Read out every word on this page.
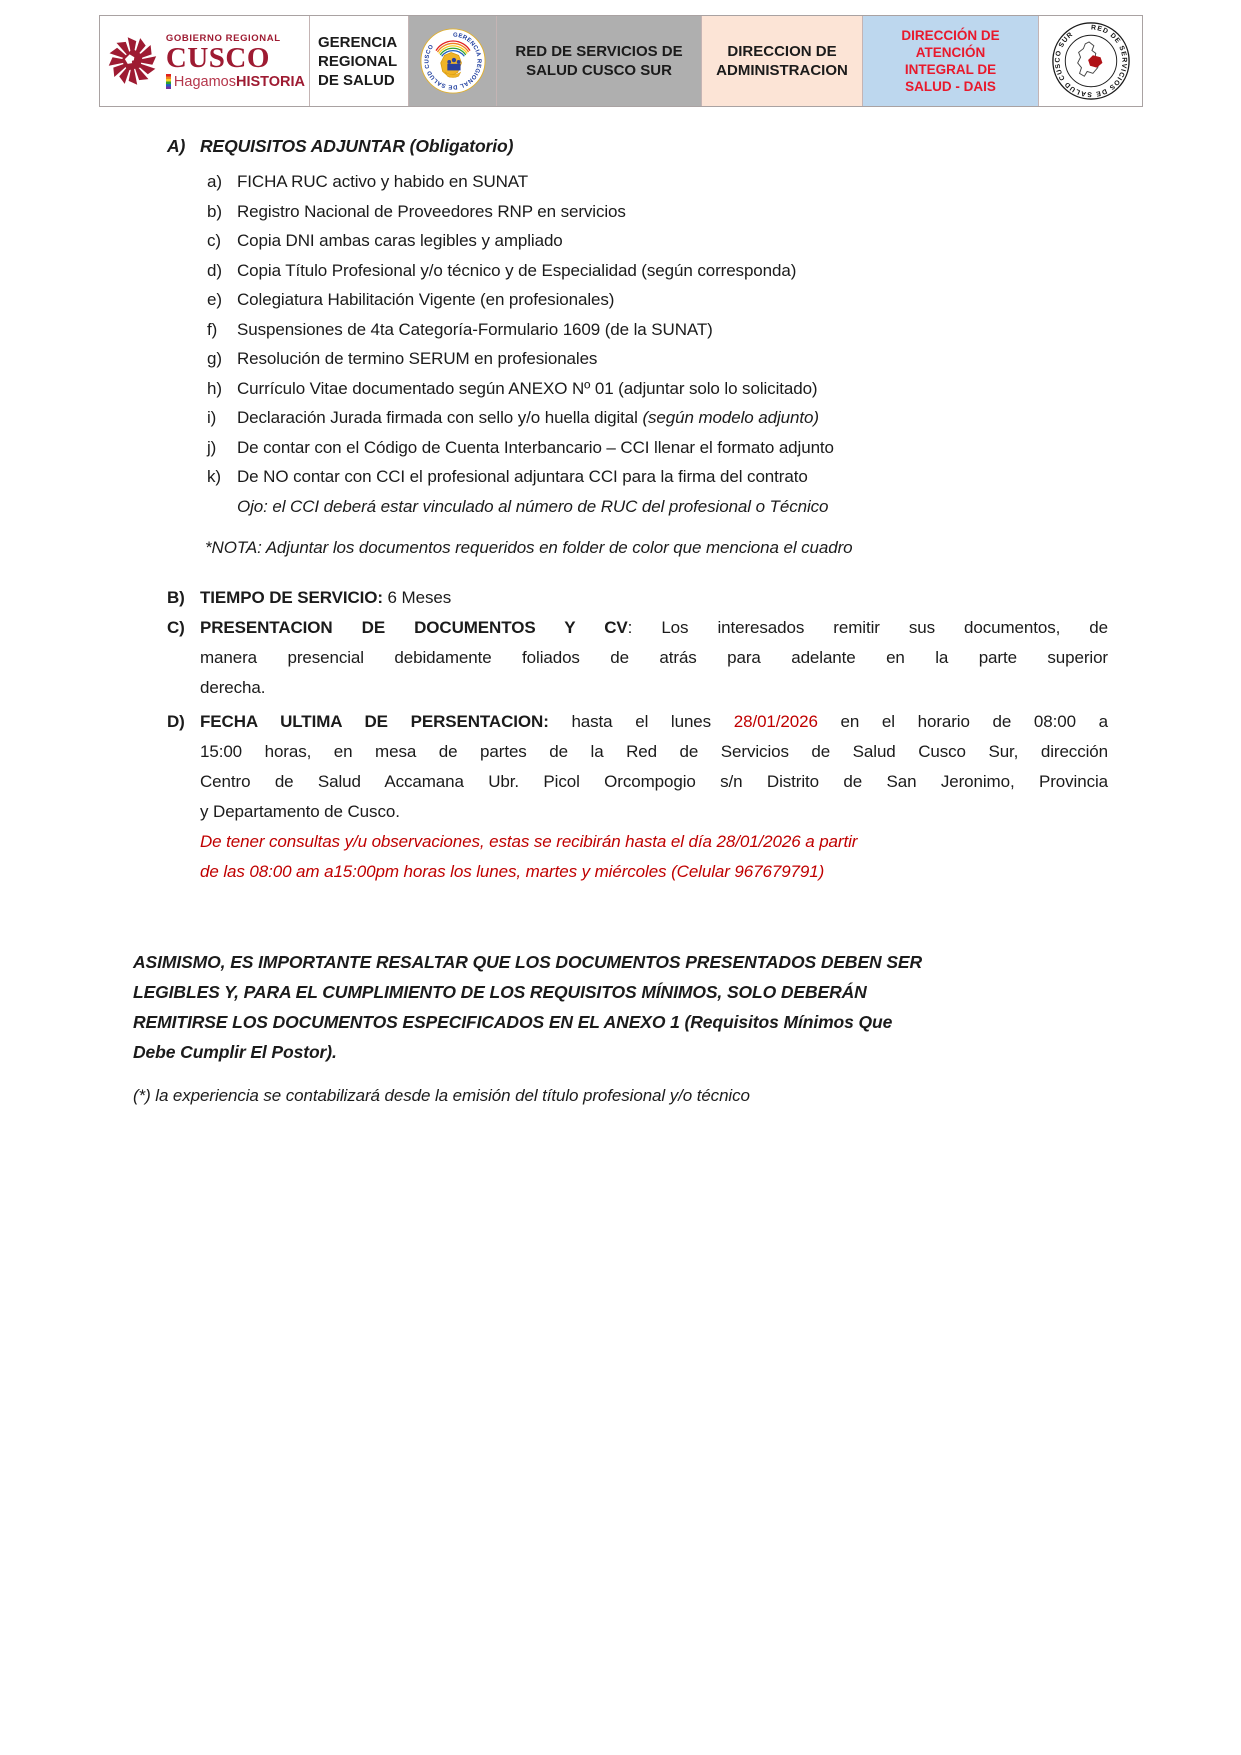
GOBIERNO REGIONAL
CUSCO
Hagamos HISTORIA
GERENCIA REGIONAL DE SALUD
GERENCIA REGIONAL DE SALUD CUSCO	RED DE SERVICIOS DE SALUD CUSCO SUR
DIRECCION DE ADMINISTRACION
DIRECCIÓN DE ATENCIÓN INTEGRAL DE SALUD - DAIS
RED DE SERVICIOS DE SALUD CUSCO SUR
A) REQUISITOS ADJUNTAR (Obligatorio)
a) FICHA RUC activo y habido en SUNAT
b) Registro Nacional de Proveedores RNP en servicios
c) Copia DNI ambas caras legibles y ampliado
d) Copia Título Profesional y/o técnico y de Especialidad (según corresponda)
e) Colegiatura Habilitación Vigente (en profesionales)
f) Suspensiones de 4ta Categoría-Formulario 1609 (de la SUNAT)
g) Resolución de termino SERUM en profesionales
h) Currículo Vitae documentado según ANEXO Nº 01 (adjuntar solo lo solicitado)
i) Declaración Jurada firmada con sello y/o huella digital (según modelo adjunto)
j) De contar con el Código de Cuenta Interbancario – CCI llenar el formato adjunto
k) De NO contar con CCI el profesional adjuntara CCI para la firma del contrato
Ojo: el CCI deberá estar vinculado al número de RUC del profesional o Técnico
*NOTA: Adjuntar los documentos requeridos en folder de color que menciona el cuadro
B) TIEMPO DE SERVICIO: 6 Meses
C) PRESENTACION DE DOCUMENTOS Y CV: Los interesados remitir sus documentos, de
manera presencial debidamente foliados de atrás para adelante en la parte superior
derecha.
D) FECHA ULTIMA DE PERSENTACION: hasta el lunes 28/01/2026 en el horario de 08:00 a
15:00 horas, en mesa de partes de la Red de Servicios de Salud Cusco Sur, dirección
Centro de Salud Accamana Ubr. Picol Orcompogio s/n Distrito de San Jeronimo, Provincia
y Departamento de Cusco.
De tener consultas y/u observaciones, estas se recibirán hasta el día 28/01/2026 a partir
de las 08:00 am a15:00pm horas los lunes, martes y miércoles (Celular 967679791)
ASIMISMO, ES IMPORTANTE RESALTAR QUE LOS DOCUMENTOS PRESENTADOS DEBEN SER
LEGIBLES Y, PARA EL CUMPLIMIENTO DE LOS REQUISITOS MÍNIMOS, SOLO DEBERÁN
REMITIRSE LOS DOCUMENTOS ESPECIFICADOS EN EL ANEXO 1 (Requisitos Mínimos Que
Debe Cumplir El Postor).
(*) la experiencia se contabilizará desde la emisión del título profesional y/o técnico
